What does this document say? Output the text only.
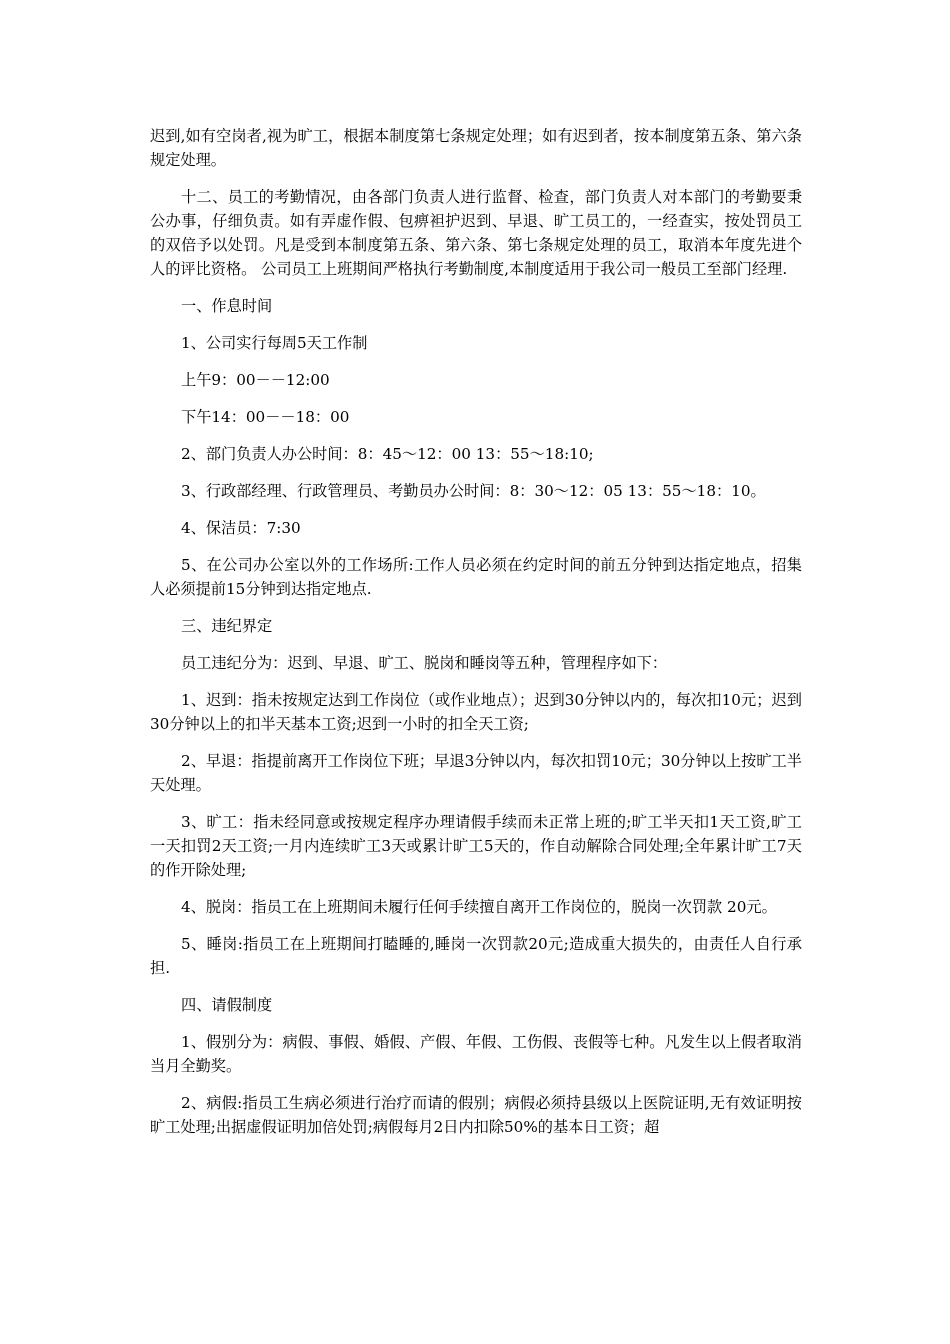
迟到,如有空岗者,视为旷工，根据本制度第七条规定处理；如有迟到者，按本制度第五条、第六条规定处理。

十二、员工的考勤情况，由各部门负责人进行监督、检查，部门负责人对本部门的考勤要秉公办事，仔细负责。如有弄虚作假、包痹袒护迟到、早退、旷工员工的，一经查实，按处罚员工的双倍予以处罚。凡是受到本制度第五条、第六条、第七条规定处理的员工，取消本年度先进个人的评比资格。 公司员工上班期间严格执行考勤制度,本制度适用于我公司一般员工至部门经理.

一、作息时间

1、公司实行每周5天工作制

上午9：00－－12:00

下午14：00－－18：00

2、部门负责人办公时间：8：45～12：00 13：55～18:10;

3、行政部经理、行政管理员、考勤员办公时间：8：30～12：05 13：55～18：10。

4、保洁员：7:30

5、在公司办公室以外的工作场所:工作人员必须在约定时间的前五分钟到达指定地点，招集人必须提前15分钟到达指定地点.

三、违纪界定

员工违纪分为：迟到、早退、旷工、脱岗和睡岗等五种，管理程序如下：

1、迟到：指未按规定达到工作岗位（或作业地点）；迟到30分钟以内的，每次扣10元；迟到30分钟以上的扣半天基本工资;迟到一小时的扣全天工资;

2、早退：指提前离开工作岗位下班；早退3分钟以内，每次扣罚10元；30分钟以上按旷工半天处理。

3、旷工：指未经同意或按规定程序办理请假手续而未正常上班的;旷工半天扣1天工资,旷工一天扣罚2天工资;一月内连续旷工3天或累计旷工5天的，作自动解除合同处理;全年累计旷工7天的作开除处理;

4、脱岗：指员工在上班期间未履行任何手续擅自离开工作岗位的，脱岗一次罚款 20元。

5、睡岗:指员工在上班期间打瞌睡的,睡岗一次罚款20元;造成重大损失的，由责任人自行承担.

四、请假制度

1、假别分为：病假、事假、婚假、产假、年假、工伤假、丧假等七种。凡发生以上假者取消当月全勤奖。

2、病假:指员工生病必须进行治疗而请的假别；病假必须持县级以上医院证明,无有效证明按旷工处理;出据虚假证明加倍处罚;病假每月2日内扣除50%的基本日工资；超
